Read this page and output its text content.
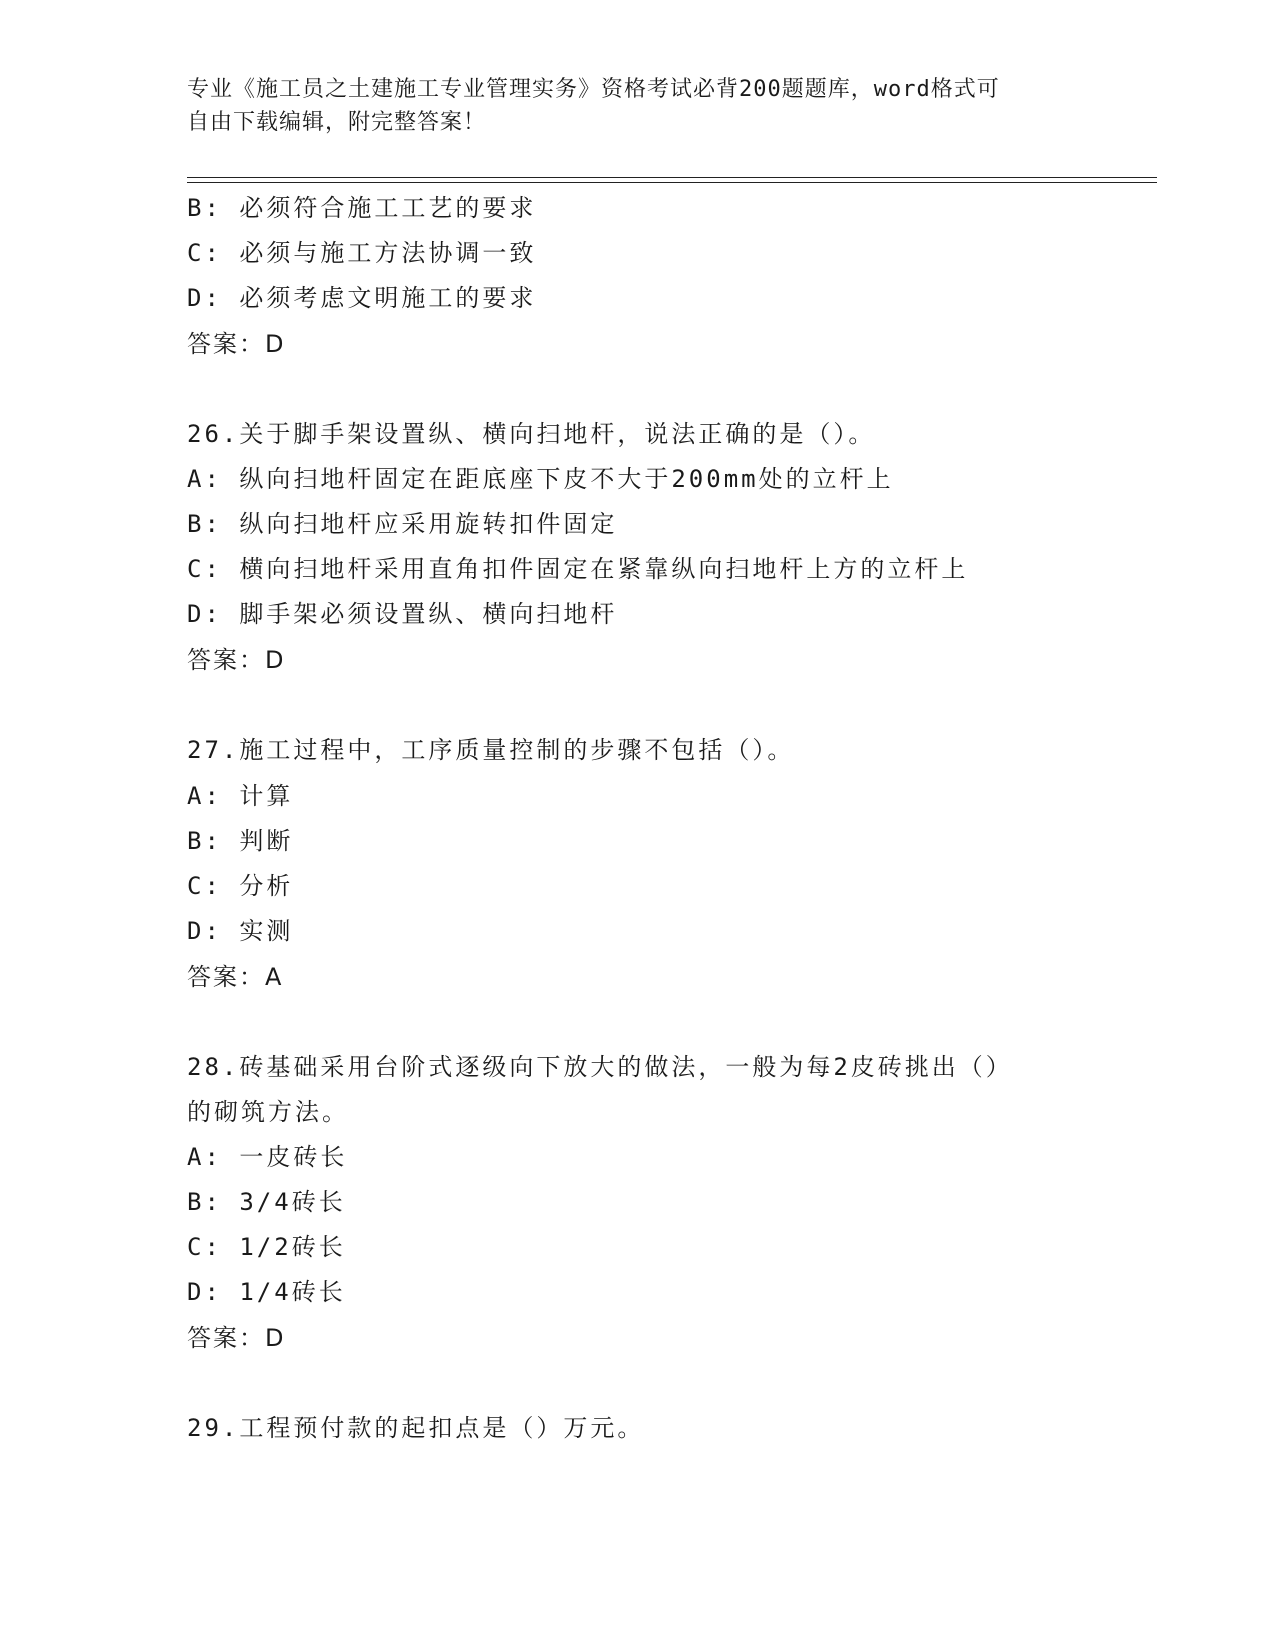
专业《施工员之土建施工专业管理实务》资格考试必背200题题库，word格式可
自由下载编辑，附完整答案！
B: 必须符合施工工艺的要求
C: 必须与施工方法协调一致
D: 必须考虑文明施工的要求
答案：D
26.关于脚手架设置纵、横向扫地杆，说法正确的是（）。
A: 纵向扫地杆固定在距底座下皮不大于200mm处的立杆上
B: 纵向扫地杆应采用旋转扣件固定
C: 横向扫地杆采用直角扣件固定在紧靠纵向扫地杆上方的立杆上
D: 脚手架必须设置纵、横向扫地杆
答案：D
27.施工过程中，工序质量控制的步骤不包括（）。
A: 计算
B: 判断
C: 分析
D: 实测
答案：A
28.砖基础采用台阶式逐级向下放大的做法，一般为每2皮砖挑出（）
的砌筑方法。
A: 一皮砖长
B: 3/4砖长
C: 1/2砖长
D: 1/4砖长
答案：D
29.工程预付款的起扣点是（）万元。
